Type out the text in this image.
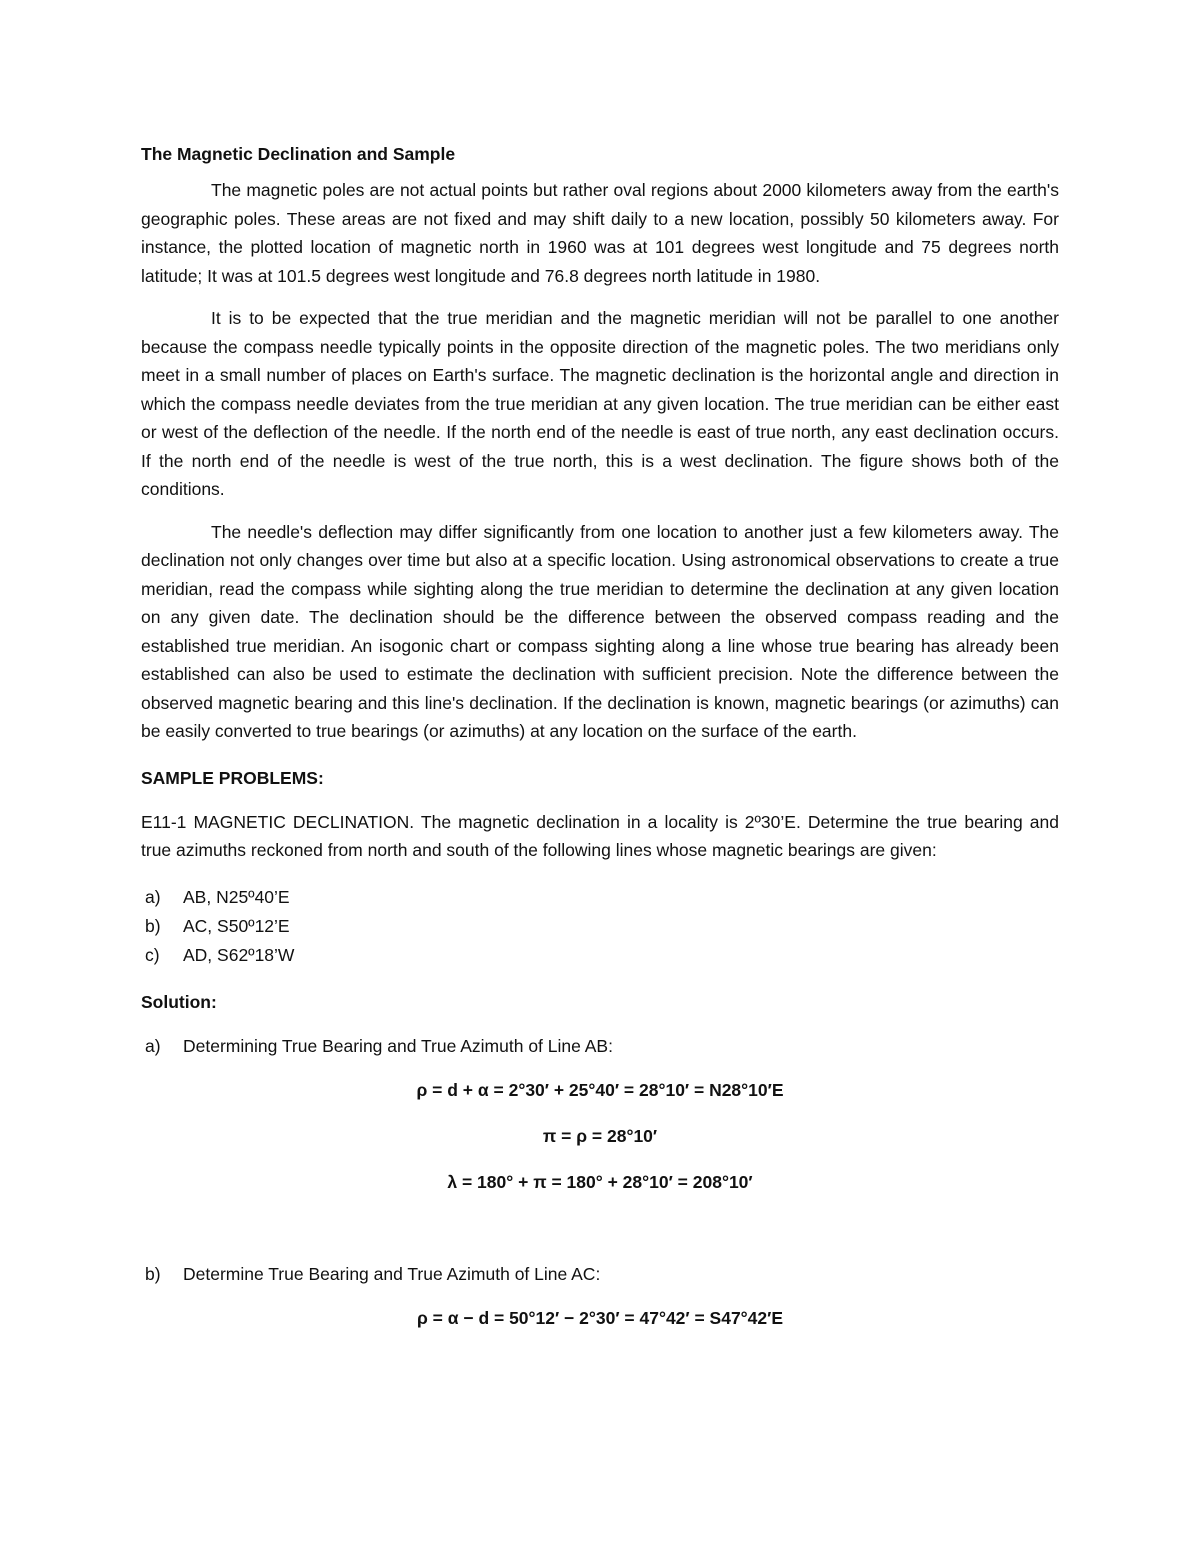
The Magnetic Declination and Sample

The magnetic poles are not actual points but rather oval regions about 2000 kilometers away from the earth's geographic poles. These areas are not fixed and may shift daily to a new location, possibly 50 kilometers away. For instance, the plotted location of magnetic north in 1960 was at 101 degrees west longitude and 75 degrees north latitude; It was at 101.5 degrees west longitude and 76.8 degrees north latitude in 1980.

It is to be expected that the true meridian and the magnetic meridian will not be parallel to one another because the compass needle typically points in the opposite direction of the magnetic poles. The two meridians only meet in a small number of places on Earth's surface. The magnetic declination is the horizontal angle and direction in which the compass needle deviates from the true meridian at any given location. The true meridian can be either east or west of the deflection of the needle. If the north end of the needle is east of true north, any east declination occurs. If the north end of the needle is west of the true north, this is a west declination. The figure shows both of the conditions.

The needle's deflection may differ significantly from one location to another just a few kilometers away. The declination not only changes over time but also at a specific location. Using astronomical observations to create a true meridian, read the compass while sighting along the true meridian to determine the declination at any given location on any given date. The declination should be the difference between the observed compass reading and the established true meridian. An isogonic chart or compass sighting along a line whose true bearing has already been established can also be used to estimate the declination with sufficient precision. Note the difference between the observed magnetic bearing and this line's declination. If the declination is known, magnetic bearings (or azimuths) can be easily converted to true bearings (or azimuths) at any location on the surface of the earth.

SAMPLE PROBLEMS:

E11-1 MAGNETIC DECLINATION. The magnetic declination in a locality is 2º30’E. Determine the true bearing and true azimuths reckoned from north and south of the following lines whose magnetic bearings are given:

a)	AB, N25º40’E
b)	AC, S50º12’E
c)	AD, S62º18’W
Solution:
a)	Determining True Bearing and True Azimuth of Line AB:
ρ = d + α = 2°30′ + 25°40′ = 28°10′ = N28°10′E
π = ρ = 28°10′
λ = 180° + π = 180° + 28°10′ = 208°10′
b)	Determine True Bearing and True Azimuth of Line AC:
ρ = α − d = 50°12′ − 2°30′ = 47°42′ = S47°42′E
